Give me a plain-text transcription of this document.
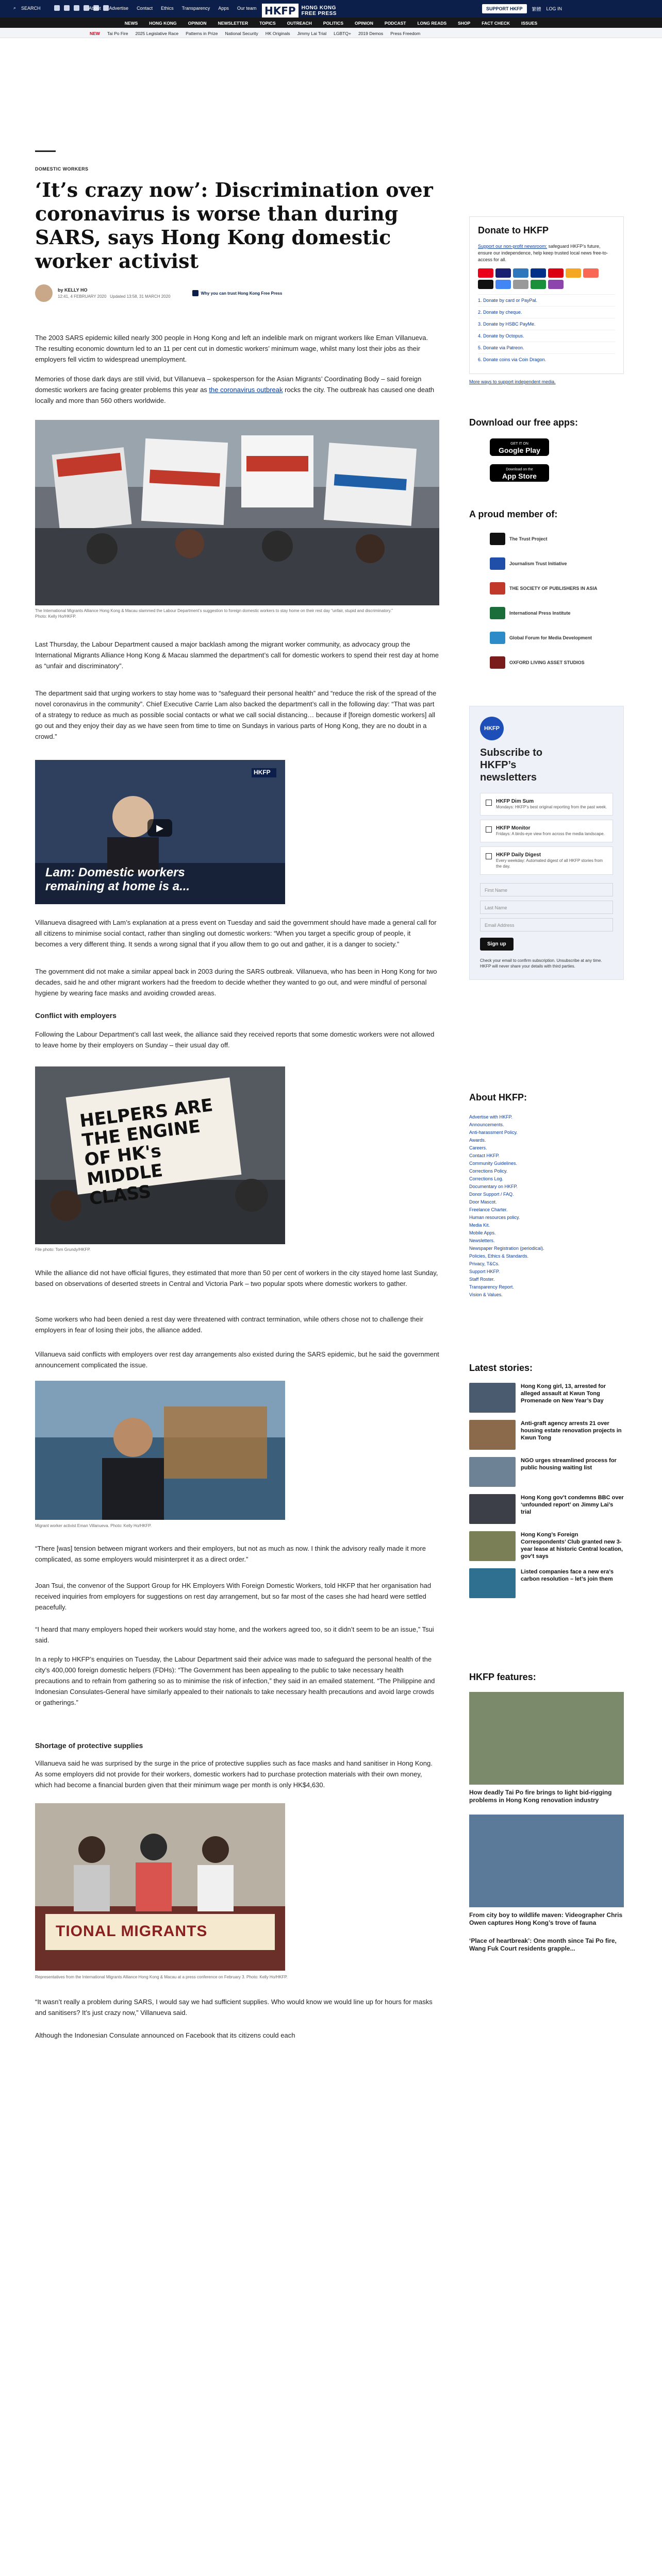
⌕ SEARCH	About Advertise Contact Ethics Transparency Apps Our team HKFP	HONG KONG
FREE PRESS
SUPPORT HKFP	繁體 LOG IN
NEWS	HONG KONG	OPINION	NEWSLETTER	TOPICS	OUTREACH	POLITICS	OPINION	PODCAST	LONG READS	SHOP	FACT CHECK	ISSUES
NEW Tai Po Fire 2025 Legislative Race Patterns in Prize National Security HK Originals Jimmy Lai Trial LGBTQ+ 2019 Demos Press Freedom
DOMESTIC WORKERS
‘It’s crazy now’: Discrimination over coronavirus is worse than during SARS, says Hong Kong domestic worker activist
by KELLY HO
12:41, 4 FEBRUARY 2020 Updated 13:58, 31 MARCH 2020
Why you can trust Hong Kong Free Press

The 2003 SARS epidemic killed nearly 300 people in Hong Kong and left an indelible mark on migrant workers like Eman Villanueva. The resulting economic downturn led to an 11 per cent cut in domestic workers’ minimum wage, whilst many lost their jobs as their employers fell victim to widespread unemployment.

Memories of those dark days are still vivid, but Villanueva – spokesperson for the Asian Migrants’ Coordinating Body – said foreign domestic workers are facing greater problems this year as the coronavirus outbreak rocks the city. The outbreak has caused one death locally and more than 560 others worldwide.

The International Migrants Alliance Hong Kong & Macau slammed the Labour Department’s suggestion to foreign domestic workers to stay home on their rest day “unfair, stupid and discriminatory.” Photo: Kelly Ho/HKFP.

Last Thursday, the Labour Department caused a major backlash among the migrant worker community, as advocacy group the International Migrants Alliance Hong Kong & Macau slammed the department’s call for domestic workers to spend their rest day at home as “unfair and discriminatory”.

The department said that urging workers to stay home was to “safeguard their personal health” and “reduce the risk of the spread of the novel coronavirus in the community”. Chief Executive Carrie Lam also backed the department’s call in the following day: “That was part of a strategy to reduce as much as possible social contacts or what we call social distancing… because if [foreign domestic workers] all go out and they enjoy their day as we have seen from time to time on Sundays in various parts of Hong Kong, they are no doubt in a crowd.”

HKFP
▶
Lam: Domestic workers remaining at home is a...

Villanueva disagreed with Lam’s explanation at a press event on Tuesday and said the government should have made a general call for all citizens to minimise social contact, rather than singling out domestic workers: “When you target a specific group of people, it becomes a very different thing. It sends a wrong signal that if you allow them to go out and gather, it is a danger to society.”

The government did not make a similar appeal back in 2003 during the SARS outbreak. Villanueva, who has been in Hong Kong for two decades, said he and other migrant workers had the freedom to decide whether they wanted to go out, and were mindful of personal hygiene by wearing face masks and avoiding crowded areas.

Conflict with employers

Following the Labour Department’s call last week, the alliance said they received reports that some domestic workers were not allowed to leave home by their employers on Sunday – their usual day off.

HELPERS ARE THE ENGINE OF HK's MIDDLE CLASS
File photo: Tom Grundy/HKFP.

While the alliance did not have official figures, they estimated that more than 50 per cent of workers in the city stayed home last Sunday, based on observations of deserted streets in Central and Victoria Park – two popular spots where domestic workers to gather.

Some workers who had been denied a rest day were threatened with contract termination, while others chose not to challenge their employers in fear of losing their jobs, the alliance added.

Villanueva said conflicts with employers over rest day arrangements also existed during the SARS epidemic, but he said the government announcement complicated the issue.

Migrant worker activist Eman Villanueva. Photo: Kelly Ho/HKFP.

“There [was] tension between migrant workers and their employers, but not as much as now. I think the advisory really made it more complicated, as some employers would misinterpret it as a direct order.”

Joan Tsui, the convenor of the Support Group for HK Employers With Foreign Domestic Workers, told HKFP that her organisation had received inquiries from employers for suggestions on rest day arrangement, but so far most of the cases she had heard were settled peacefully.

“I heard that many employers hoped their workers would stay home, and the workers agreed too, so it didn’t seem to be an issue,” Tsui said.

In a reply to HKFP’s enquiries on Tuesday, the Labour Department said their advice was made to safeguard the personal health of the city’s 400,000 foreign domestic helpers (FDHs): “The Government has been appealing to the public to take necessary health precautions and to refrain from gathering so as to minimise the risk of infection,” they said in an emailed statement. “The Philippine and Indonesian Consulates-General have similarly appealed to their nationals to take necessary health precautions and avoid large crowds or gatherings.”

Shortage of protective supplies

Villanueva said he was surprised by the surge in the price of protective supplies such as face masks and hand sanitiser in Hong Kong. As some employers did not provide for their workers, domestic workers had to purchase protection materials with their own money, which had become a financial burden given that their minimum wage per month is only HK$4,630.

TIONAL MIGRANTS
Representatives from the International Migrants Alliance Hong Kong & Macau at a press conference on February 3. Photo: Kelly Ho/HKFP.

“It wasn’t really a problem during SARS, I would say we had sufficient supplies. Who would know we would line up for hours for masks and sanitisers? It’s just crazy now,” Villanueva said.

Although the Indonesian Consulate announced on Facebook that its citizens could each

Donate to HKFP

Support our non-profit newsroom: safeguard HKFP’s future, ensure our independence, help keep trusted local news free-to-access for all.

1. Donate by card or PayPal.
2. Donate by cheque.
3. Donate by HSBC PayMe.
4. Donate by Octopus.
5. Donate via Patreon.
6. Donate coins via Coin Dragon.
More ways to support independent media.
Download our free apps:
GET IT ON
Google Play
Download on the
App Store
A proud member of:
The Trust Project
Journalism Trust Initiative
THE SOCIETY OF PUBLISHERS IN ASIA
International Press Institute
Global Forum for Media Development
OXFORD LIVING ASSET STUDIOS
HKFP
Subscribe to HKFP’s newsletters
HKFP Dim Sum
Mondays: HKFP’s best original reporting from the past week.
HKFP Monitor
Fridays: A birds-eye view from across the media landscape.
HKFP Daily Digest
Every weekday: Automated digest of all HKFP stories from the day.
First Name
Last Name
Email Address
Sign up
Check your email to confirm subscription. Unsubscribe at any time. HKFP will never share your details with third parties.
About HKFP:
Advertise with HKFP.
Announcements.
Anti-harassment Policy.
Awards.
Careers.
Contact HKFP.
Community Guidelines.
Corrections Policy.
Corrections Log.
Documentary on HKFP.
Donor Support / FAQ.
Door Mascot.
Freelance Charter.
Human resources policy.
Media Kit.
Mobile Apps.
Newsletters.
Newspaper Registration (periodical).
Policies, Ethics & Standards.
Privacy, T&Cs.
Support HKFP.
Staff Roster.
Transparency Report.
Vision & Values.
Latest stories:
Hong Kong girl, 13, arrested for alleged assault at Kwun Tong Promenade on New Year’s Day
Anti-graft agency arrests 21 over housing estate renovation projects in Kwun Tong
NGO urges streamlined process for public housing waiting list
Hong Kong gov’t condemns BBC over ‘unfounded report’ on Jimmy Lai’s trial
Hong Kong’s Foreign Correspondents’ Club granted new 3-year lease at historic Central location, gov’t says
Listed companies face a new era’s carbon resolution – let’s join them
HKFP features:
How deadly Tai Po fire brings to light bid-rigging problems in Hong Kong renovation industry
From city boy to wildlife maven: Videographer Chris Owen captures Hong Kong’s trove of fauna
‘Place of heartbreak’: One month since Tai Po fire, Wang Fuk Court residents grapple...
